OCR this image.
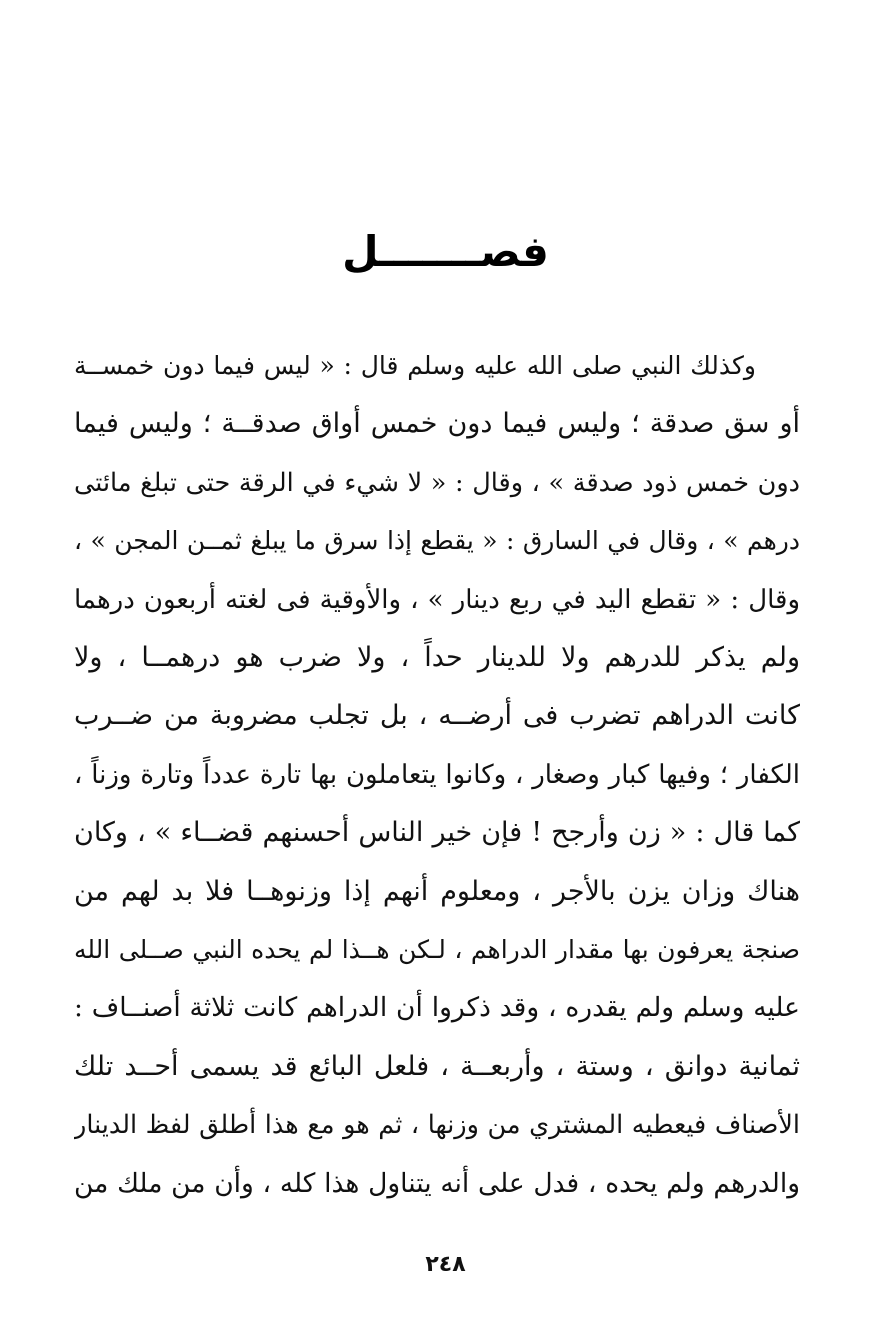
فصـــــــل
وكذلك النبي صلى الله عليه وسلم قال : « ليس فيما دون خمســة
أو سق صدقة ؛ وليس فيما دون خمس أواق صدقــة ؛ وليس فيما
دون خمس ذود صدقة » ، وقال : « لا شيء في الرقة حتى تبلغ مائتى
درهم » ، وقال في السارق : « يقطع إذا سرق ما يبلغ ثمــن المجن » ،
وقال : « تقطع اليد في ربع دينار » ، والأوقية فى لغته أربعون درهما
ولم يذكر للدرهم ولا للدينار حداً ، ولا ضرب هو درهمــا ، ولا
كانت الدراهم تضرب فى أرضــه ، بل تجلب مضروبة من ضــرب
الكفار ؛ وفيها كبار وصغار ، وكانوا يتعاملون بها تارة عدداً وتارة وزناً ،
كما قال : « زن وأرجح ! فإن خير الناس أحسنهم قضــاء » ، وكان
هناك وزان يزن بالأجر ، ومعلوم أنهم إذا وزنوهــا فلا بد لهم من
صنجة يعرفون بها مقدار الدراهم ، لـكن هــذا لم يحده النبي صــلى الله
عليه وسلم ولم يقدره ، وقد ذكروا أن الدراهم كانت ثلاثة أصنــاف :
ثمانية دوانق ، وستة ، وأربعــة ، فلعل البائع قد يسمى أحــد تلك
الأصناف فيعطيه المشتري من وزنها ، ثم هو مع هذا أطلق لفظ الدينار
والدرهم ولم يحده ، فدل على أنه يتناول هذا كله ، وأن من ملك من
٢٤٨
